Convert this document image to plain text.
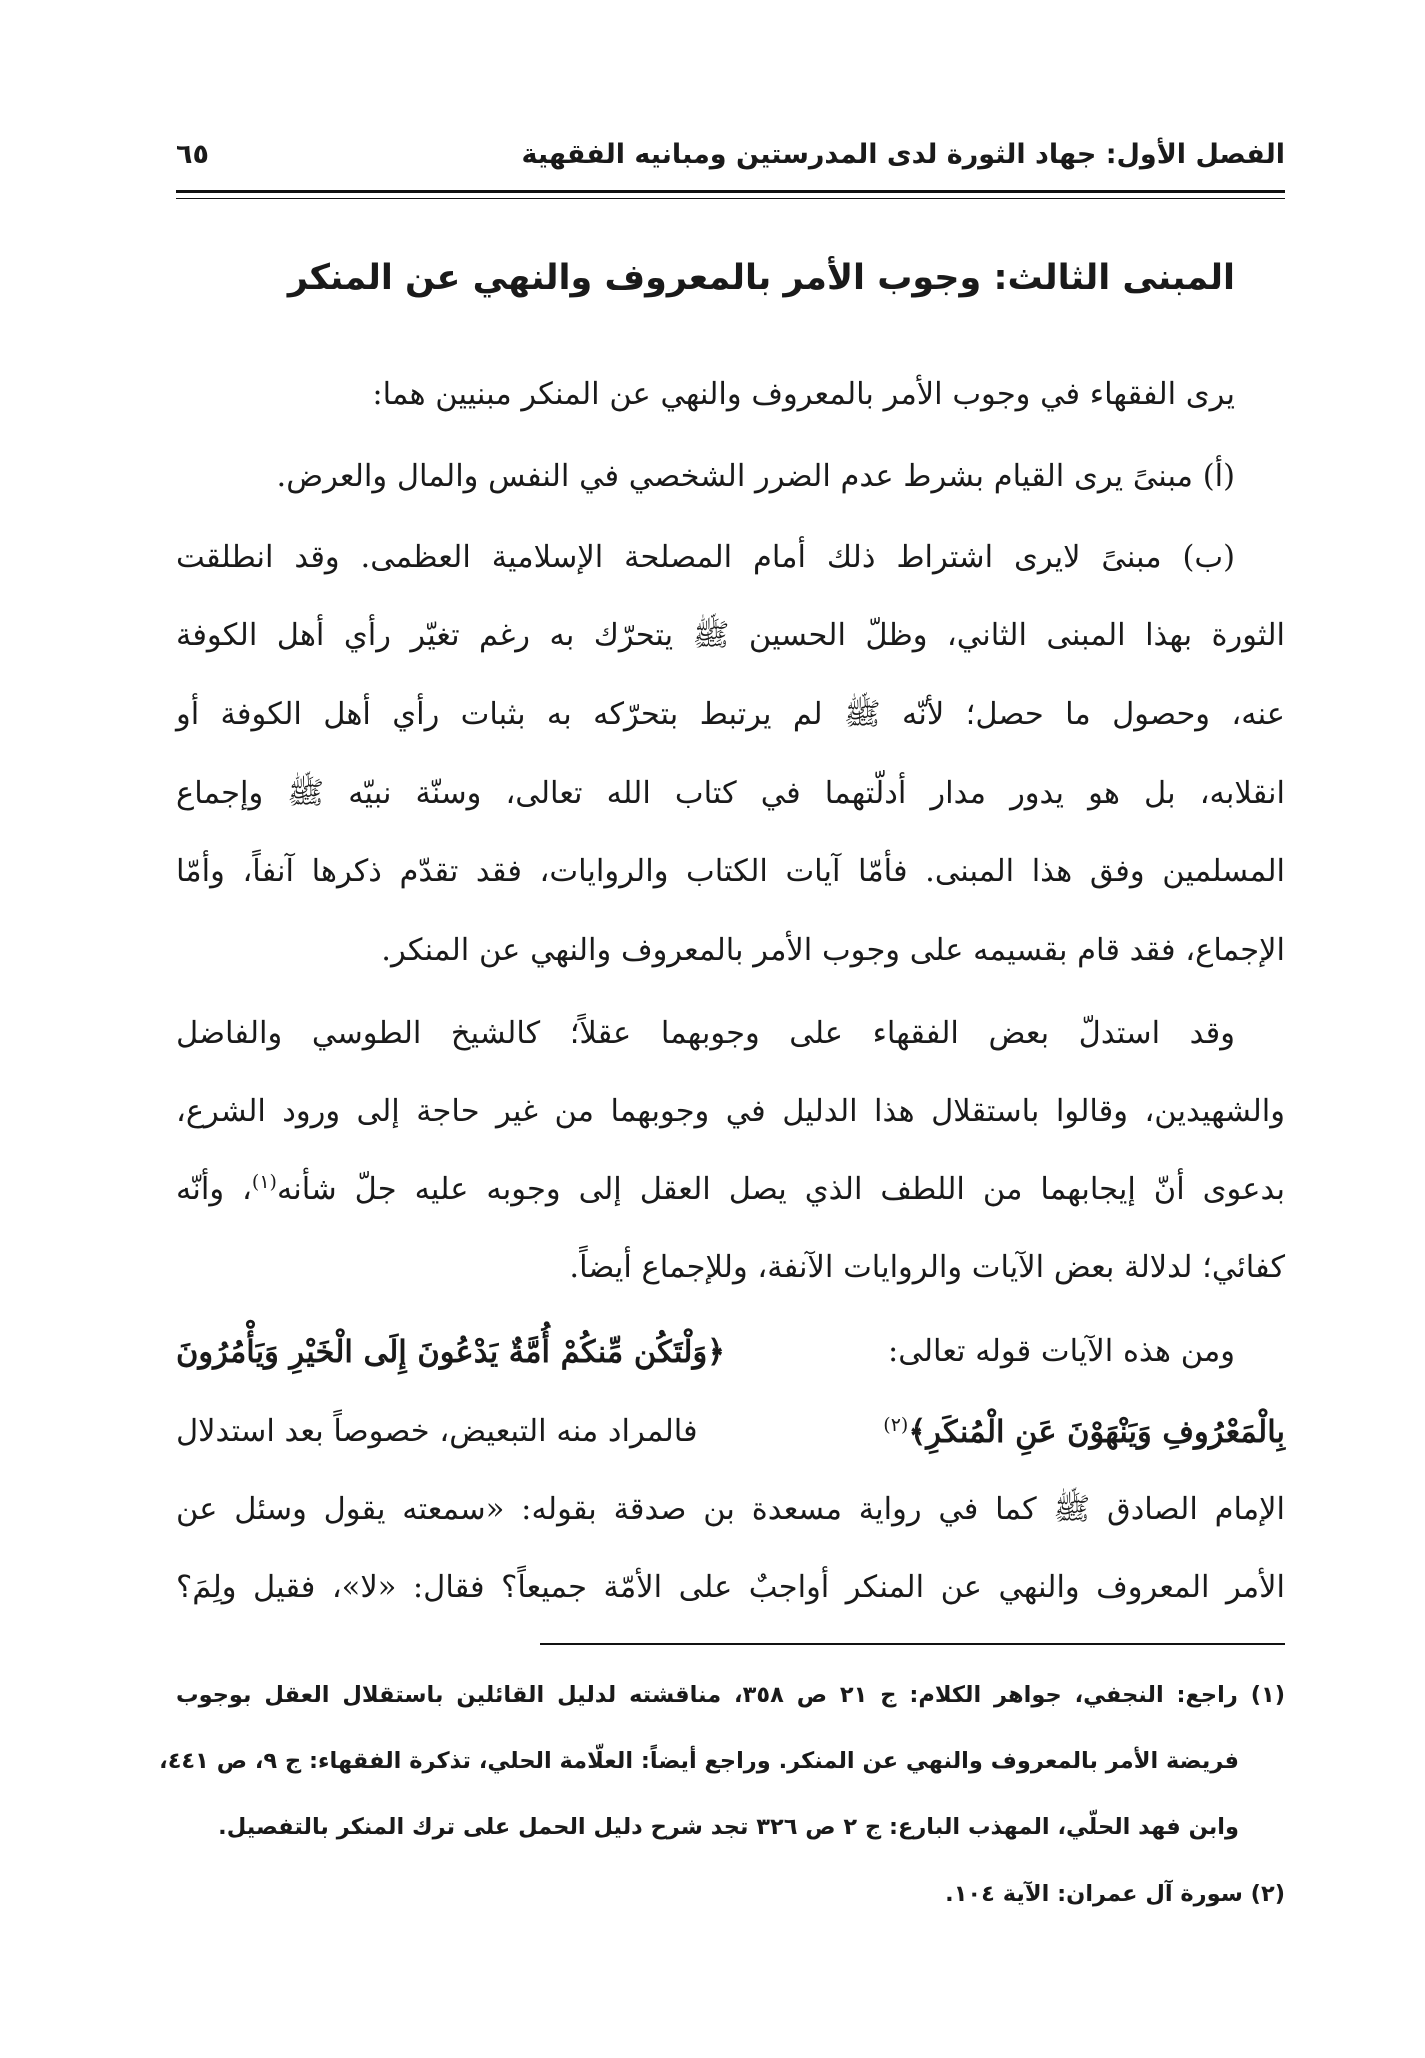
الفصل الأول: جهاد الثورة لدى المدرستين ومبانيه الفقهية
٦٥
المبنى الثالث: وجوب الأمر بالمعروف والنهي عن المنكر
يرى الفقهاء في وجوب الأمر بالمعروف والنهي عن المنكر مبنيين هما:
(أ) مبنىً يرى القيام بشرط عدم الضرر الشخصي في النفس والمال والعرض.
(ب) مبنىً لايرى اشتراط ذلك أمام المصلحة الإسلامية العظمى. وقد انطلقت
الثورة بهذا المبنى الثاني، وظلّ الحسين ﷺ يتحرّك به رغم تغيّر رأي أهل الكوفة
عنه، وحصول ما حصل؛ لأنّه ﷺ لم يرتبط بتحرّكه به بثبات رأي أهل الكوفة أو
انقلابه، بل هو يدور مدار أدلّتهما في كتاب الله تعالى، وسنّة نبيّه ﷺ وإجماع
المسلمين وفق هذا المبنى. فأمّا آيات الكتاب والروايات، فقد تقدّم ذكرها آنفاً، وأمّا
الإجماع، فقد قام بقسيمه على وجوب الأمر بالمعروف والنهي عن المنكر.
وقد استدلّ بعض الفقهاء على وجوبهما عقلاً؛ كالشيخ الطوسي والفاضل
والشهيدين، وقالوا باستقلال هذا الدليل في وجوبهما من غير حاجة إلى ورود الشرع،
بدعوى أنّ إيجابهما من اللطف الذي يصل العقل إلى وجوبه عليه جلّ شأنه$^{(١)}$، وأنّه
كفائي؛ لدلالة بعض الآيات والروايات الآنفة، وللإجماع أيضاً.
ومن هذه الآيات قوله تعالى:
﴿وَلْتَكُن مِّنكُمْ أُمَّةٌ يَدْعُونَ إِلَى الْخَيْرِ وَيَأْمُرُونَ
بِالْمَعْرُوفِ وَيَنْهَوْنَ عَنِ الْمُنكَرِ﴾$^{(٢)}$
فالمراد منه التبعيض، خصوصاً بعد استدلال
الإمام الصادق ﷺ كما في رواية مسعدة بن صدقة بقوله: «سمعته يقول وسئل عن
الأمر المعروف والنهي عن المنكر أواجبٌ على الأمّة جميعاً؟ فقال: «لا»، فقيل ولِمَ؟
(١) راجع: النجفي، جواهر الكلام: ج ٢١ ص ٣٥٨، مناقشته لدليل القائلين باستقلال العقل بوجوب
فريضة الأمر بالمعروف والنهي عن المنكر. وراجع أيضاً: العلّامة الحلي، تذكرة الفقهاء: ج ٩، ص ٤٤١،
وابن فهد الحلّي، المهذب البارع: ج ٢ ص ٣٢٦ تجد شرح دليل الحمل على ترك المنكر بالتفصيل.
(٢) سورة آل عمران: الآية ١٠٤.
